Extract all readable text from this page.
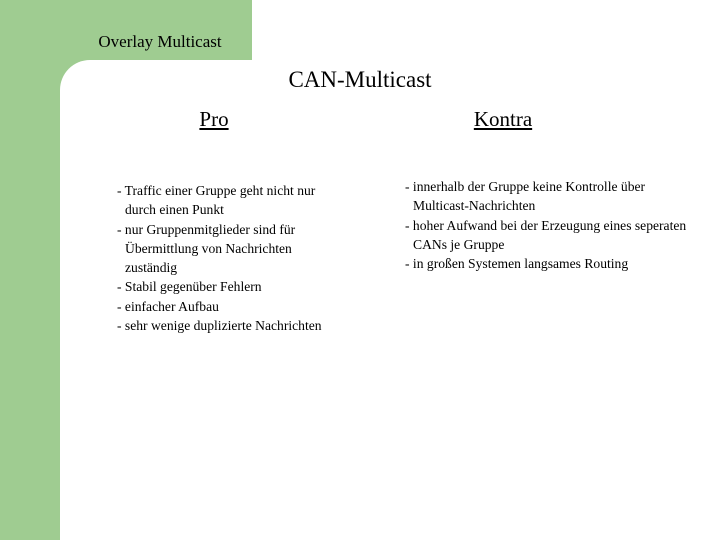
Overlay Multicast
CAN-Multicast
Pro	Kontra
- Traffic einer Gruppe geht nicht nur durch einen Punkt
- nur Gruppenmitglieder sind für Übermittlung von Nachrichten zuständig
- Stabil gegenüber Fehlern
- einfacher Aufbau
- sehr wenige duplizierte Nachrichten
- innerhalb der Gruppe keine Kontrolle über Multicast-Nachrichten
- hoher Aufwand bei der Erzeugung eines seperaten CANs je Gruppe
- in großen Systemen langsames Routing
